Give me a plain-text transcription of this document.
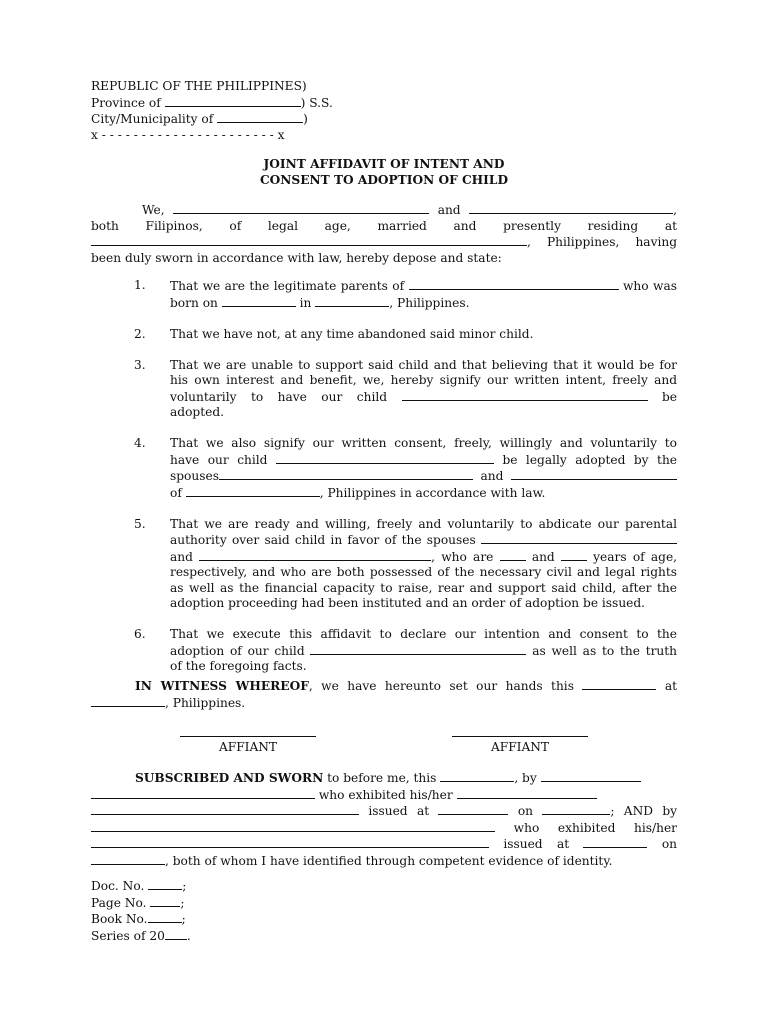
REPUBLIC OF THE PHILIPPINES)
Province of	) S.S.
City/Municipality of	)
x - - - - - - - - - - - - - - - - - - - - - - x
JOINT AFFIDAVIT OF INTENT AND
CONSENT TO ADOPTION OF CHILD
We,	and	,
both Filipinos, of legal age, married and presently residing at
, Philippines, having
been duly sworn in accordance with law, hereby depose and state:
1.	That we are the legitimate parents of	who was
born on	in	, Philippines.
2.	That we have not, at any time abandoned said minor child.
3.	That we are unable to support said child and that believing that it would be for
his own interest and benefit, we, hereby signify our written intent, freely and
voluntarily to have our child	be
adopted.
4.	That we also signify our written consent, freely, willingly and voluntarily to
have our child	be legally adopted by the
spouses	and
of	, Philippines in accordance with law.
5.	That we are ready and willing, freely and voluntarily to abdicate our parental
authority over said child in favor of the spouses
and	, who are	and	years of age,
respectively, and who are both possessed of the necessary civil and legal rights
as well as the financial capacity to raise, rear and support said child, after the
adoption proceeding had been instituted and an order of adoption be issued.
6.	That we execute this affidavit to declare our intention and consent to the
adoption of our child	as well as to the truth
of the foregoing facts.
IN WITNESS WHEREOF, we have hereunto set our hands this	at
, Philippines.
AFFIANT	AFFIANT
SUBSCRIBED AND SWORN to before me, this	, by
who exhibited his/her
issued at	on	; AND by
who exhibited his/her
issued at	on
, both of whom I have identified through competent evidence of identity.
Doc. No.	;
Page No.	;
Book No.	;
Series of 20 .
